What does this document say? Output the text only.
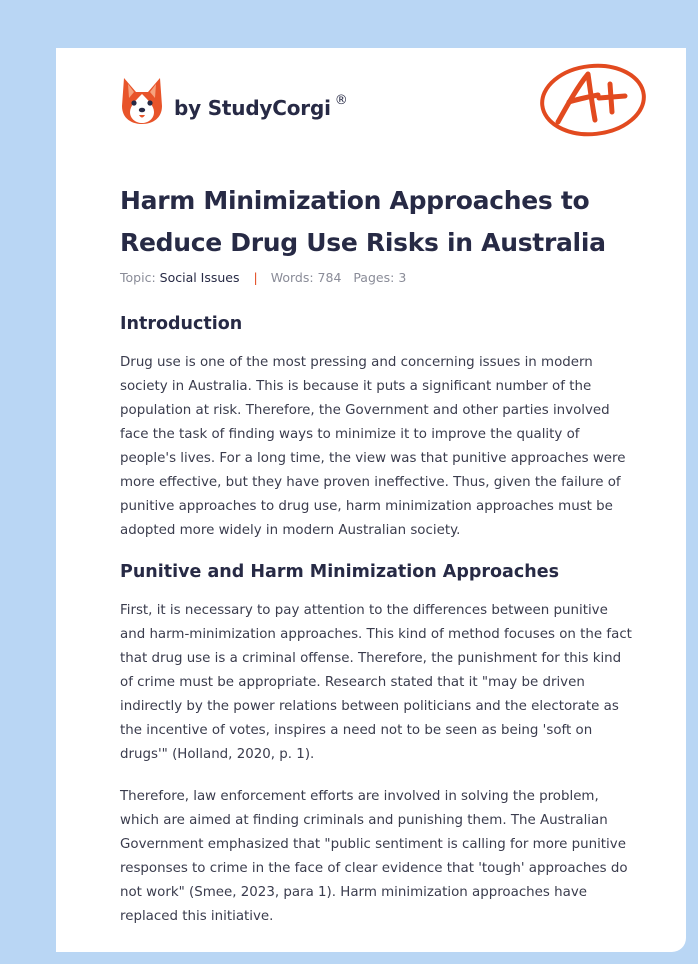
by StudyCorgi ®
Harm Minimization Approaches to Reduce Drug Use Risks in Australia
Topic: Social Issues | Words: 784 Pages: 3
Introduction

Drug use is one of the most pressing and concerning issues in modern society in Australia. This is because it puts a significant number of the population at risk. Therefore, the Government and other parties involved face the task of finding ways to minimize it to improve the quality of people's lives. For a long time, the view was that punitive approaches were more effective, but they have proven ineffective. Thus, given the failure of punitive approaches to drug use, harm minimization approaches must be adopted more widely in modern Australian society.

Punitive and Harm Minimization Approaches

First, it is necessary to pay attention to the differences between punitive and harm-minimization approaches. This kind of method focuses on the fact that drug use is a criminal offense. Therefore, the punishment for this kind of crime must be appropriate. Research stated that it "may be driven indirectly by the power relations between politicians and the electorate as the incentive of votes, inspires a need not to be seen as being 'soft on drugs'" (Holland, 2020, p. 1).

Therefore, law enforcement efforts are involved in solving the problem, which are aimed at finding criminals and punishing them. The Australian Government emphasized that "public sentiment is calling for more punitive responses to crime in the face of clear evidence that 'tough' approaches do not work" (Smee, 2023, para 1). Harm minimization approaches have replaced this initiative.
